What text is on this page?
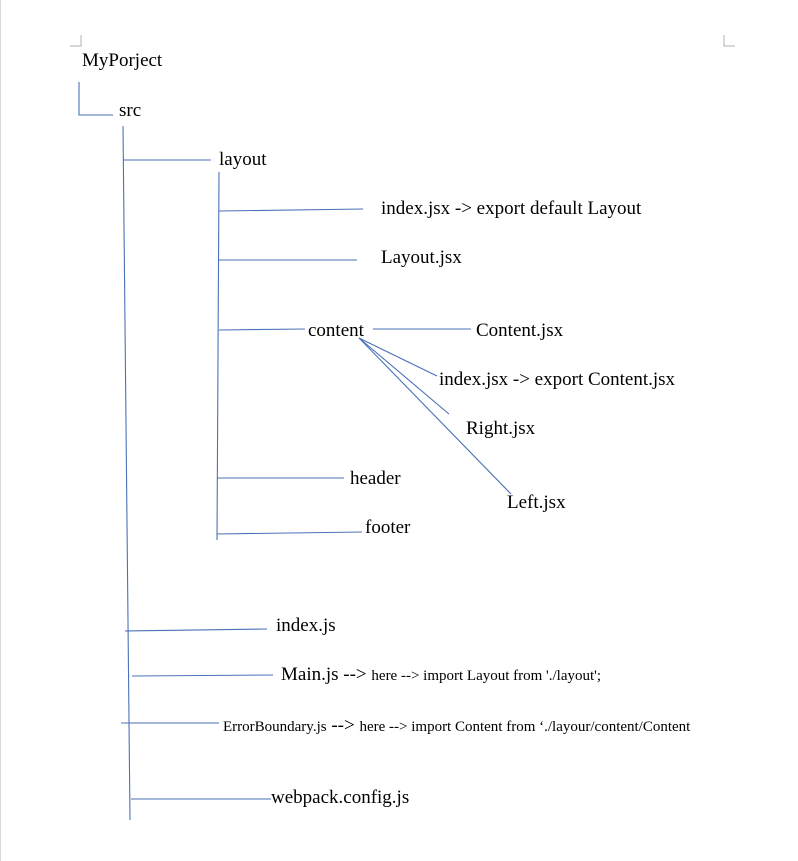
MyPorject
src
layout
index.jsx -> export default Layout
Layout.jsx
content	Content.jsx
index.jsx -> export Content.jsx
Right.jsx
Left.jsx
header
footer
index.js
Main.js --> here --> import Layout from './layout';
ErrorBoundary.js --> here --> import Content from ‘./layour/content/Content
webpack.config.js
